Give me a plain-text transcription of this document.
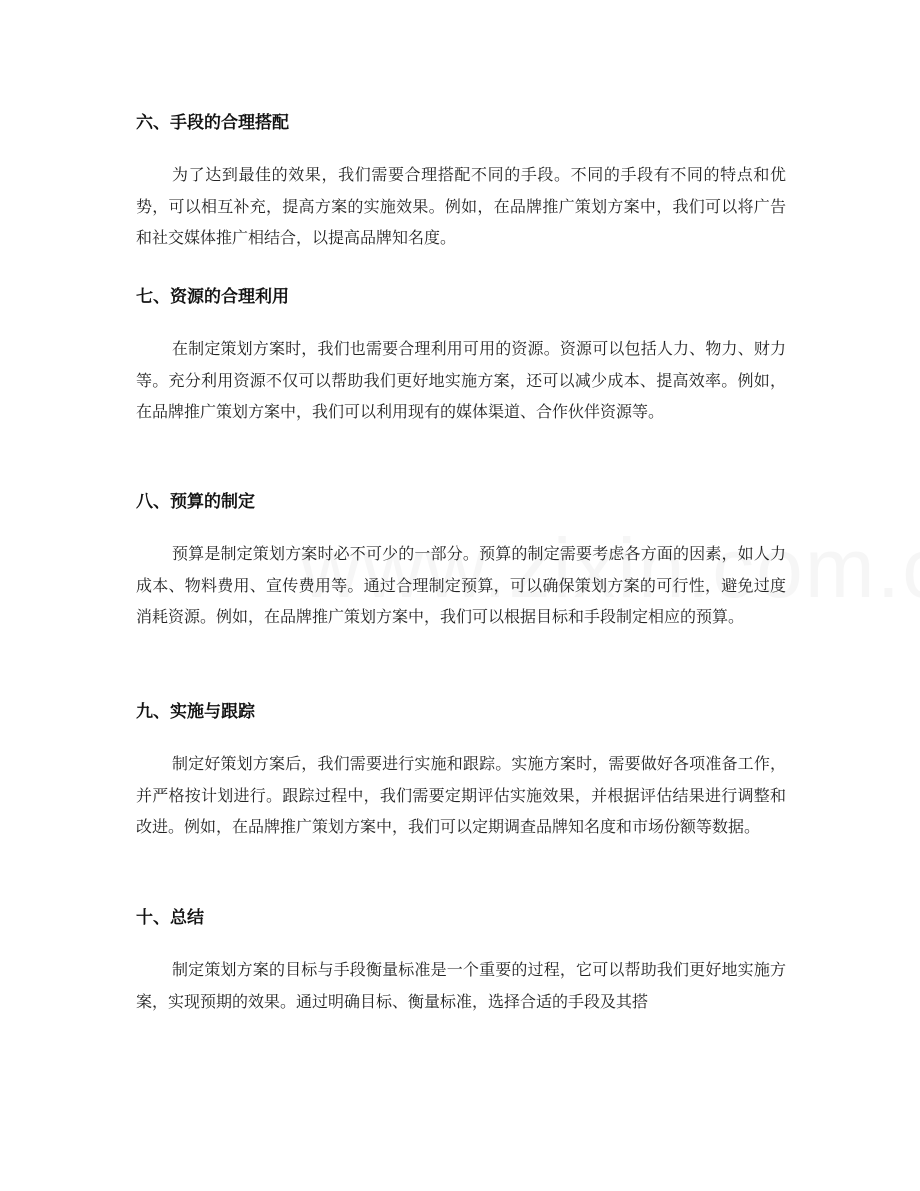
六、手段的合理搭配

为了达到最佳的效果，我们需要合理搭配不同的手段。不同的手段有不同的特点和优势，可以相互补充，提高方案的实施效果。例如，在品牌推广策划方案中，我们可以将广告和社交媒体推广相结合，以提高品牌知名度。

七、资源的合理利用

在制定策划方案时，我们也需要合理利用可用的资源。资源可以包括人力、物力、财力等。充分利用资源不仅可以帮助我们更好地实施方案，还可以减少成本、提高效率。例如，在品牌推广策划方案中，我们可以利用现有的媒体渠道、合作伙伴资源等。

八、预算的制定

预算是制定策划方案时必不可少的一部分。预算的制定需要考虑各方面的因素，如人力成本、物料费用、宣传费用等。通过合理制定预算，可以确保策划方案的可行性，避免过度消耗资源。例如，在品牌推广策划方案中，我们可以根据目标和手段制定相应的预算。

九、实施与跟踪

制定好策划方案后，我们需要进行实施和跟踪。实施方案时，需要做好各项准备工作，并严格按计划进行。跟踪过程中，我们需要定期评估实施效果，并根据评估结果进行调整和改进。例如，在品牌推广策划方案中，我们可以定期调查品牌知名度和市场份额等数据。

十、总结

制定策划方案的目标与手段衡量标准是一个重要的过程，它可以帮助我们更好地实施方案，实现预期的效果。通过明确目标、衡量标准，选择合适的手段及其搭
